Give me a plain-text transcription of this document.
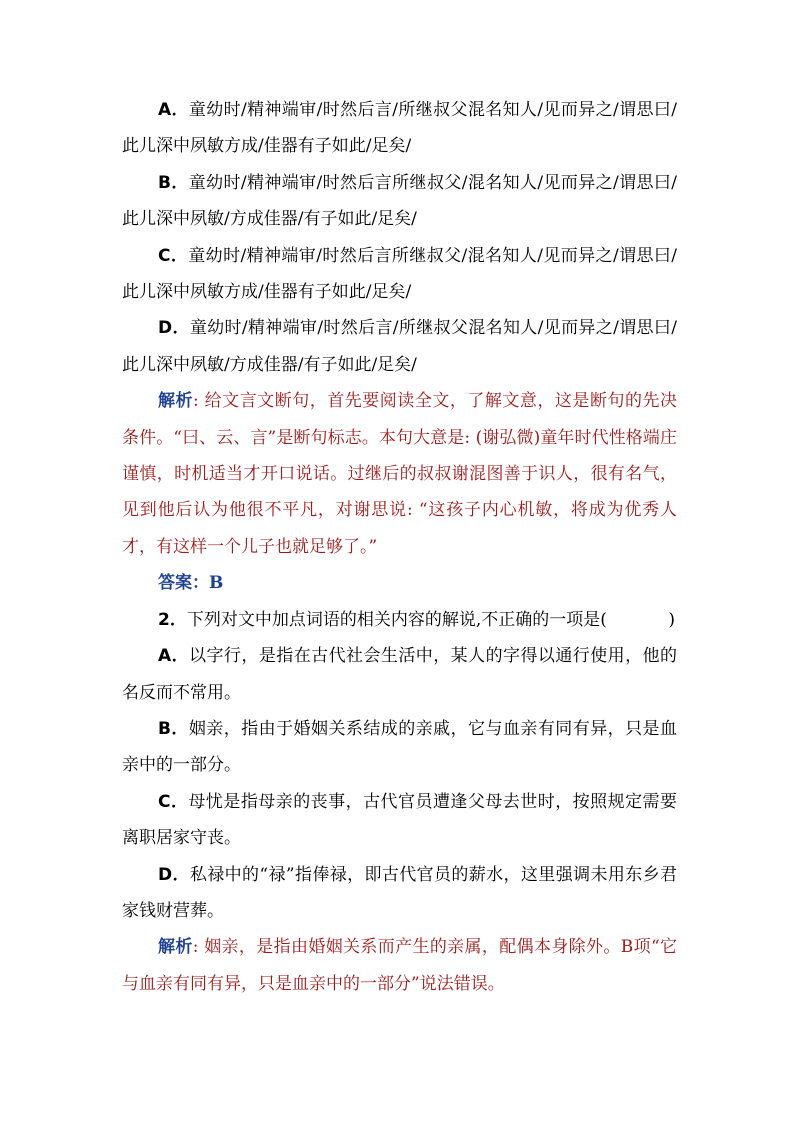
A．童幼时/精神端审/时然后言/所继叔父混名知人/见而异之/谓思曰/此儿深中夙敏方成/佳器有子如此/足矣/

B．童幼时/精神端审/时然后言所继叔父/混名知人/见而异之/谓思曰/此儿深中夙敏/方成佳器/有子如此/足矣/

C．童幼时/精神端审/时然后言所继叔父/混名知人/见而异之/谓思曰/此儿深中夙敏方成/佳器有子如此/足矣/

D．童幼时/精神端审/时然后言/所继叔父混名知人/见而异之/谓思曰/此儿深中夙敏/方成佳器/有子如此/足矣/

解析: 给文言文断句，首先要阅读全文，了解文意，这是断句的先决条件。“曰、云、言”是断句标志。本句大意是: (谢弘微)童年时代性格端庄谨慎，时机适当才开口说话。过继后的叔叔谢混图善于识人，很有名气，见到他后认为他很不平凡，对谢思说: “这孩子内心机敏，将成为优秀人才，有这样一个儿子也就足够了。”

答案：B

2．下列对文中加点词语的相关内容的解说,不正确的一项是(	)

A．以字行，是指在古代社会生活中，某人的字得以通行使用，他的名反而不常用。

B．姻亲，指由于婚姻关系结成的亲戚，它与血亲有同有异，只是血亲中的一部分。

C．母忧是指母亲的丧事，古代官员遭逢父母去世时，按照规定需要离职居家守丧。

D．私禄中的“禄”指俸禄，即古代官员的薪水，这里强调未用东乡君家钱财营葬。

解析: 姻亲，是指由婚姻关系而产生的亲属，配偶本身除外。B项“它与血亲有同有异，只是血亲中的一部分”说法错误。
